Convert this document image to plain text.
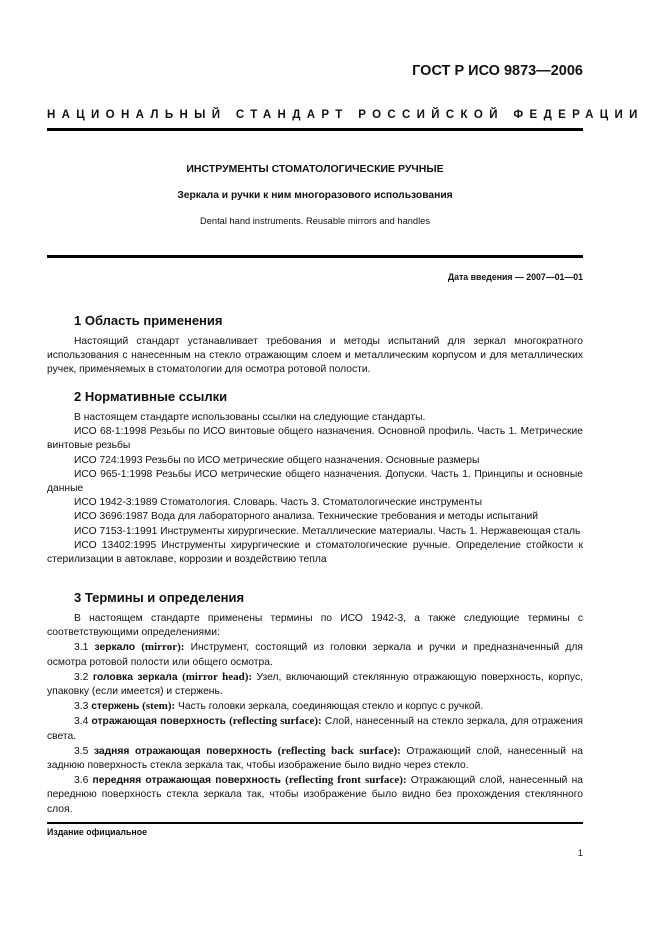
ГОСТ Р ИСО 9873—2006
НАЦИОНАЛЬНЫЙ СТАНДАРТ РОССИЙСКОЙ ФЕДЕРАЦИИ
ИНСТРУМЕНТЫ СТОМАТОЛОГИЧЕСКИЕ РУЧНЫЕ
Зеркала и ручки к ним многоразового использования
Dental hand instruments. Reusable mirrors and handles
Дата введения — 2007—01—01
1 Область применения

Настоящий стандарт устанавливает требования и методы испытаний для зеркал многократного использования с нанесенным на стекло отражающим слоем и металлическим корпусом и для металлических ручек, применяемых в стоматологии для осмотра ротовой полости.

2 Нормативные ссылки

В настоящем стандарте использованы ссылки на следующие стандарты.

ИСО 68-1:1998 Резьбы по ИСО винтовые общего назначения. Основной профиль. Часть 1. Метрические винтовые резьбы

ИСО 724:1993 Резьбы по ИСО метрические общего назначения. Основные размеры

ИСО 965-1:1998 Резьбы ИСО метрические общего назначения. Допуски. Часть 1. Принципы и основные данные

ИСО 1942-3:1989 Стоматология. Словарь. Часть 3. Стоматологические инструменты

ИСО 3696:1987 Вода для лабораторного анализа. Технические требования и методы испытаний

ИСО 7153-1:1991 Инструменты хирургические. Металлические материалы. Часть 1. Нержавеющая сталь

ИСО 13402:1995 Инструменты хирургические и стоматологические ручные. Определение стойкости к стерилизации в автоклаве, коррозии и воздействию тепла

3 Термины и определения

В настоящем стандарте применены термины по ИСО 1942-3, а также следующие термины с соответствующими определениями:

3.1 зеркало (mirror): Инструмент, состоящий из головки зеркала и ручки и предназначенный для осмотра ротовой полости или общего осмотра.

3.2 головка зеркала (mirror head): Узел, включающий стеклянную отражающую поверхность, корпус, упаковку (если имеется) и стержень.

3.3 стержень (stem): Часть головки зеркала, соединяющая стекло и корпус с ручкой.

3.4 отражающая поверхность (reflecting surface): Слой, нанесенный на стекло зеркала, для отражения света.

3.5 задняя отражающая поверхность (reflecting back surface): Отражающий слой, нанесенный на заднюю поверхность стекла зеркала так, чтобы изображение было видно через стекло.

3.6 передняя отражающая поверхность (reflecting front surface): Отражающий слой, нанесенный на переднюю поверхность стекла зеркала так, чтобы изображение было видно без прохождения стеклянного слоя.

Издание официальное
1
